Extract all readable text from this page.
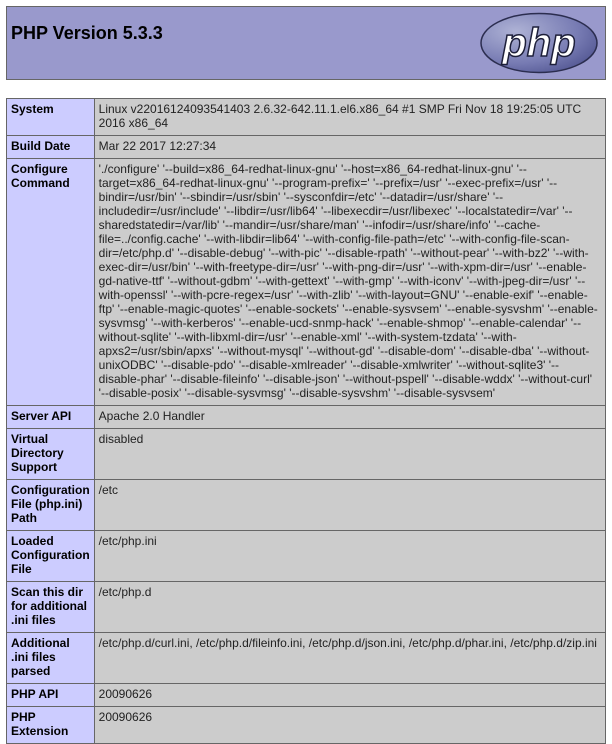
PHP Version 5.3.3	php
System	Linux v22016124093541403 2.6.32-642.11.1.el6.x86_64 #1 SMP Fri Nov 18 19:25:05 UTC 2016 x86_64
Build Date	Mar 22 2017 12:27:34
Configure Command	'./configure' '--build=x86_64-redhat-linux-gnu' '--host=x86_64-redhat-linux-gnu' '--target=x86_64-redhat-linux-gnu' '--program-prefix=' '--prefix=/usr' '--exec-prefix=/usr' '--bindir=/usr/bin' '--sbindir=/usr/sbin' '--sysconfdir=/etc' '--datadir=/usr/share' '--includedir=/usr/include' '--libdir=/usr/lib64' '--libexecdir=/usr/libexec' '--localstatedir=/var' '--sharedstatedir=/var/lib' '--mandir=/usr/share/man' '--infodir=/usr/share/info' '--cache-file=../config.cache' '--with-libdir=lib64' '--with-config-file-path=/etc' '--with-config-file-scan-dir=/etc/php.d' '--disable-debug' '--with-pic' '--disable-rpath' '--without-pear' '--with-bz2' '--with-exec-dir=/usr/bin' '--with-freetype-dir=/usr' '--with-png-dir=/usr' '--with-xpm-dir=/usr' '--enable-gd-native-ttf' '--without-gdbm' '--with-gettext' '--with-gmp' '--with-iconv' '--with-jpeg-dir=/usr' '--with-openssl' '--with-pcre-regex=/usr' '--with-zlib' '--with-layout=GNU' '--enable-exif' '--enable-ftp' '--enable-magic-quotes' '--enable-sockets' '--enable-sysvsem' '--enable-sysvshm' '--enable-sysvmsg' '--with-kerberos' '--enable-ucd-snmp-hack' '--enable-shmop' '--enable-calendar' '--without-sqlite' '--with-libxml-dir=/usr' '--enable-xml' '--with-system-tzdata' '--with-apxs2=/usr/sbin/apxs' '--without-mysql' '--without-gd' '--disable-dom' '--disable-dba' '--without-unixODBC' '--disable-pdo' '--disable-xmlreader' '--disable-xmlwriter' '--without-sqlite3' '--disable-phar' '--disable-fileinfo' '--disable-json' '--without-pspell' '--disable-wddx' '--without-curl' '--disable-posix' '--disable-sysvmsg' '--disable-sysvshm' '--disable-sysvsem'
Server API	Apache 2.0 Handler
Virtual Directory Support	disabled
Configuration File (php.ini) Path	/etc
Loaded Configuration File	/etc/php.ini
Scan this dir for additional .ini files	/etc/php.d
Additional .ini files parsed	/etc/php.d/curl.ini, /etc/php.d/fileinfo.ini, /etc/php.d/json.ini, /etc/php.d/phar.ini, /etc/php.d/zip.ini
PHP API	20090626
PHP Extension	20090626
